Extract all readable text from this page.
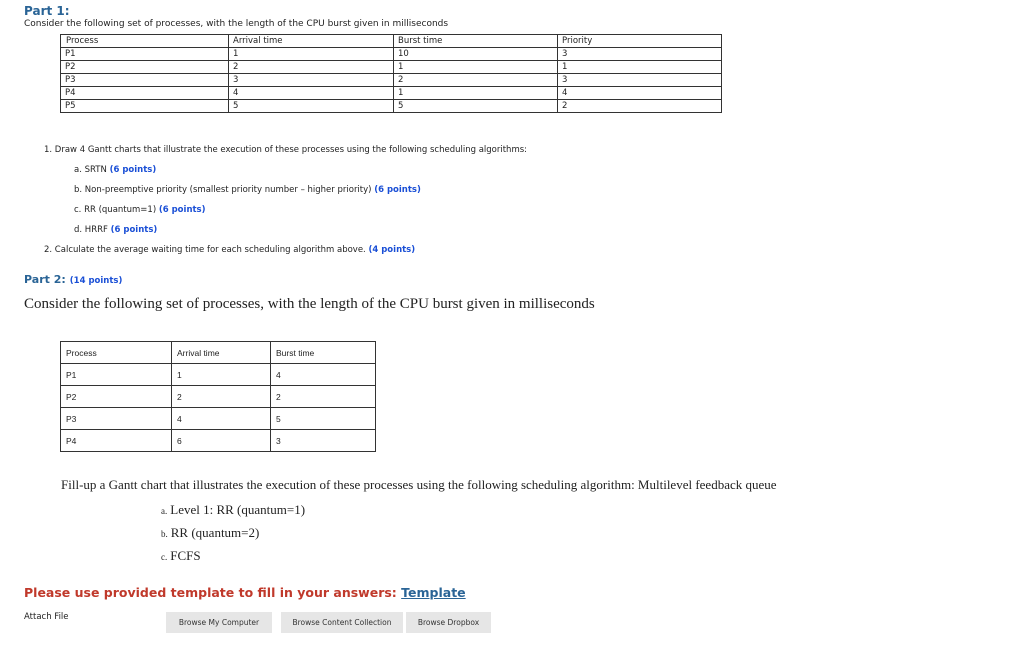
Part 1:
Consider the following set of processes, with the length of the CPU burst given in milliseconds
Process	Arrival time	Burst time	Priority
P1	1	10	3
P2	2	1	1
P3	3	2	3
P4	4	1	4
P5	5	5	2
1. Draw 4 Gantt charts that illustrate the execution of these processes using the following scheduling algorithms:
a. SRTN (6 points)
b. Non-preemptive priority (smallest priority number – higher priority) (6 points)
c. RR (quantum=1) (6 points)
d. HRRF (6 points)
2. Calculate the average waiting time for each scheduling algorithm above. (4 points)
Part 2: (14 points)
Consider the following set of processes, with the length of the CPU burst given in milliseconds
Process	Arrival time	Burst time
P1	1	4
P2	2	2
P3	4	5
P4	6	3
Fill-up a Gantt chart that illustrates the execution of these processes using the following scheduling algorithm: Multilevel feedback queue
a. Level 1: RR (quantum=1)
b. RR (quantum=2)
c. FCFS
Please use provided template to fill in your answers: Template
Attach File
Browse My Computer	Browse Content Collection	Browse Dropbox
